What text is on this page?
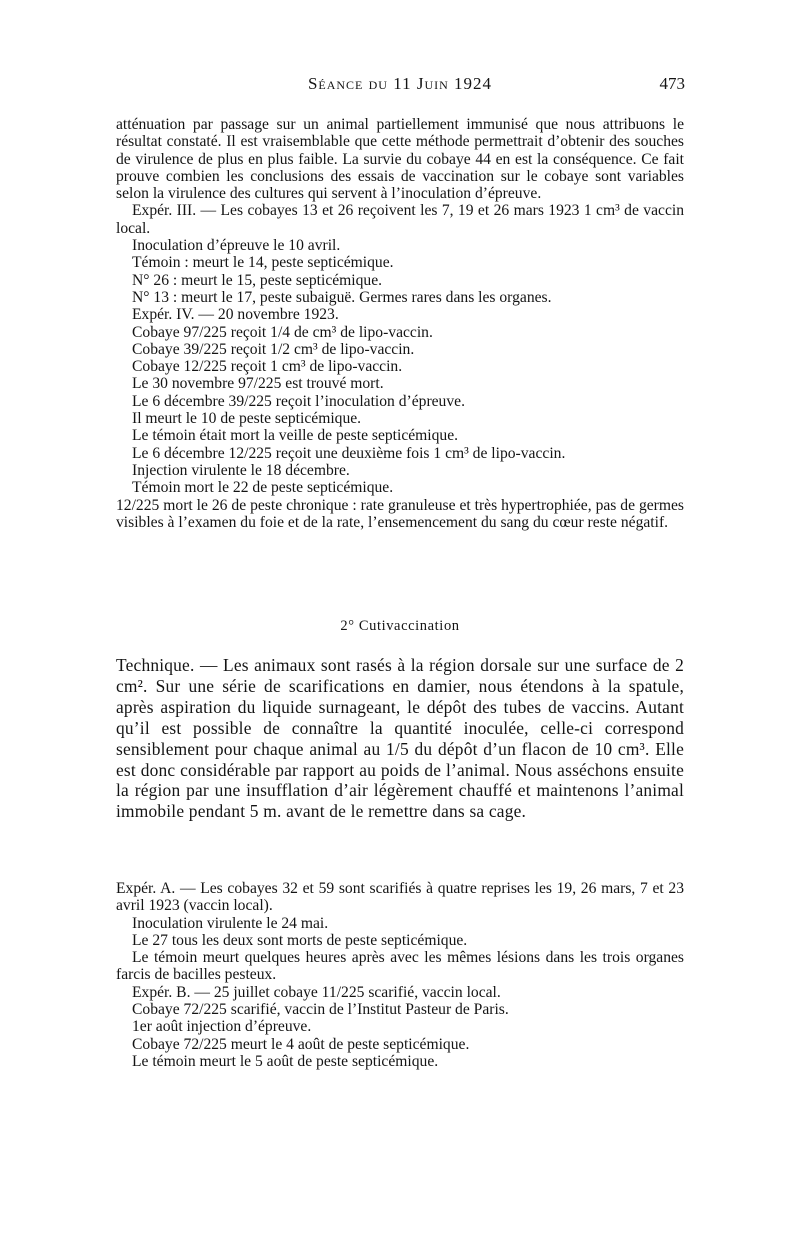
Séance du 11 Juin 1924	473

atténuation par passage sur un animal partiellement immunisé que nous attribuons le résultat constaté. Il est vraisemblable que cette méthode permettrait d’obtenir des souches de virulence de plus en plus faible. La survie du cobaye 44 en est la conséquence. Ce fait prouve combien les conclusions des essais de vaccination sur le cobaye sont variables selon la virulence des cultures qui servent à l’inoculation d’épreuve.

Expér. III. — Les cobayes 13 et 26 reçoivent les 7, 19 et 26 mars 1923 1 cm³ de vaccin local.

Inoculation d’épreuve le 10 avril.

Témoin : meurt le 14, peste septicémique.

N° 26 : meurt le 15, peste septicémique.

N° 13 : meurt le 17, peste subaiguë. Germes rares dans les organes.

Expér. IV. — 20 novembre 1923.

Cobaye 97/225 reçoit 1/4 de cm³ de lipo-vaccin.

Cobaye 39/225 reçoit 1/2 cm³ de lipo-vaccin.

Cobaye 12/225 reçoit 1 cm³ de lipo-vaccin.

Le 30 novembre 97/225 est trouvé mort.

Le 6 décembre 39/225 reçoit l’inoculation d’épreuve.

Il meurt le 10 de peste septicémique.

Le témoin était mort la veille de peste septicémique.

Le 6 décembre 12/225 reçoit une deuxième fois 1 cm³ de lipo-vaccin.

Injection virulente le 18 décembre.

Témoin mort le 22 de peste septicémique.

12/225 mort le 26 de peste chronique : rate granuleuse et très hypertrophiée, pas de germes visibles à l’examen du foie et de la rate, l’ensemencement du sang du cœur reste négatif.

2° Cutivaccination

Technique. — Les animaux sont rasés à la région dorsale sur une surface de 2 cm². Sur une série de scarifications en damier, nous étendons à la spatule, après aspiration du liquide surnageant, le dépôt des tubes de vaccins. Autant qu’il est possible de connaître la quantité inoculée, celle-ci correspond sensiblement pour chaque animal au 1/5 du dépôt d’un flacon de 10 cm³. Elle est donc considérable par rapport au poids de l’animal. Nous asséchons ensuite la région par une insufflation d’air légèrement chauffé et maintenons l’animal immobile pendant 5 m. avant de le remettre dans sa cage.

Expér. A. — Les cobayes 32 et 59 sont scarifiés à quatre reprises les 19, 26 mars, 7 et 23 avril 1923 (vaccin local).

Inoculation virulente le 24 mai.

Le 27 tous les deux sont morts de peste septicémique.

Le témoin meurt quelques heures après avec les mêmes lésions dans les trois organes farcis de bacilles pesteux.

Expér. B. — 25 juillet cobaye 11/225 scarifié, vaccin local.

Cobaye 72/225 scarifié, vaccin de l’Institut Pasteur de Paris.

1er août injection d’épreuve.

Cobaye 72/225 meurt le 4 août de peste septicémique.

Le témoin meurt le 5 août de peste septicémique.
